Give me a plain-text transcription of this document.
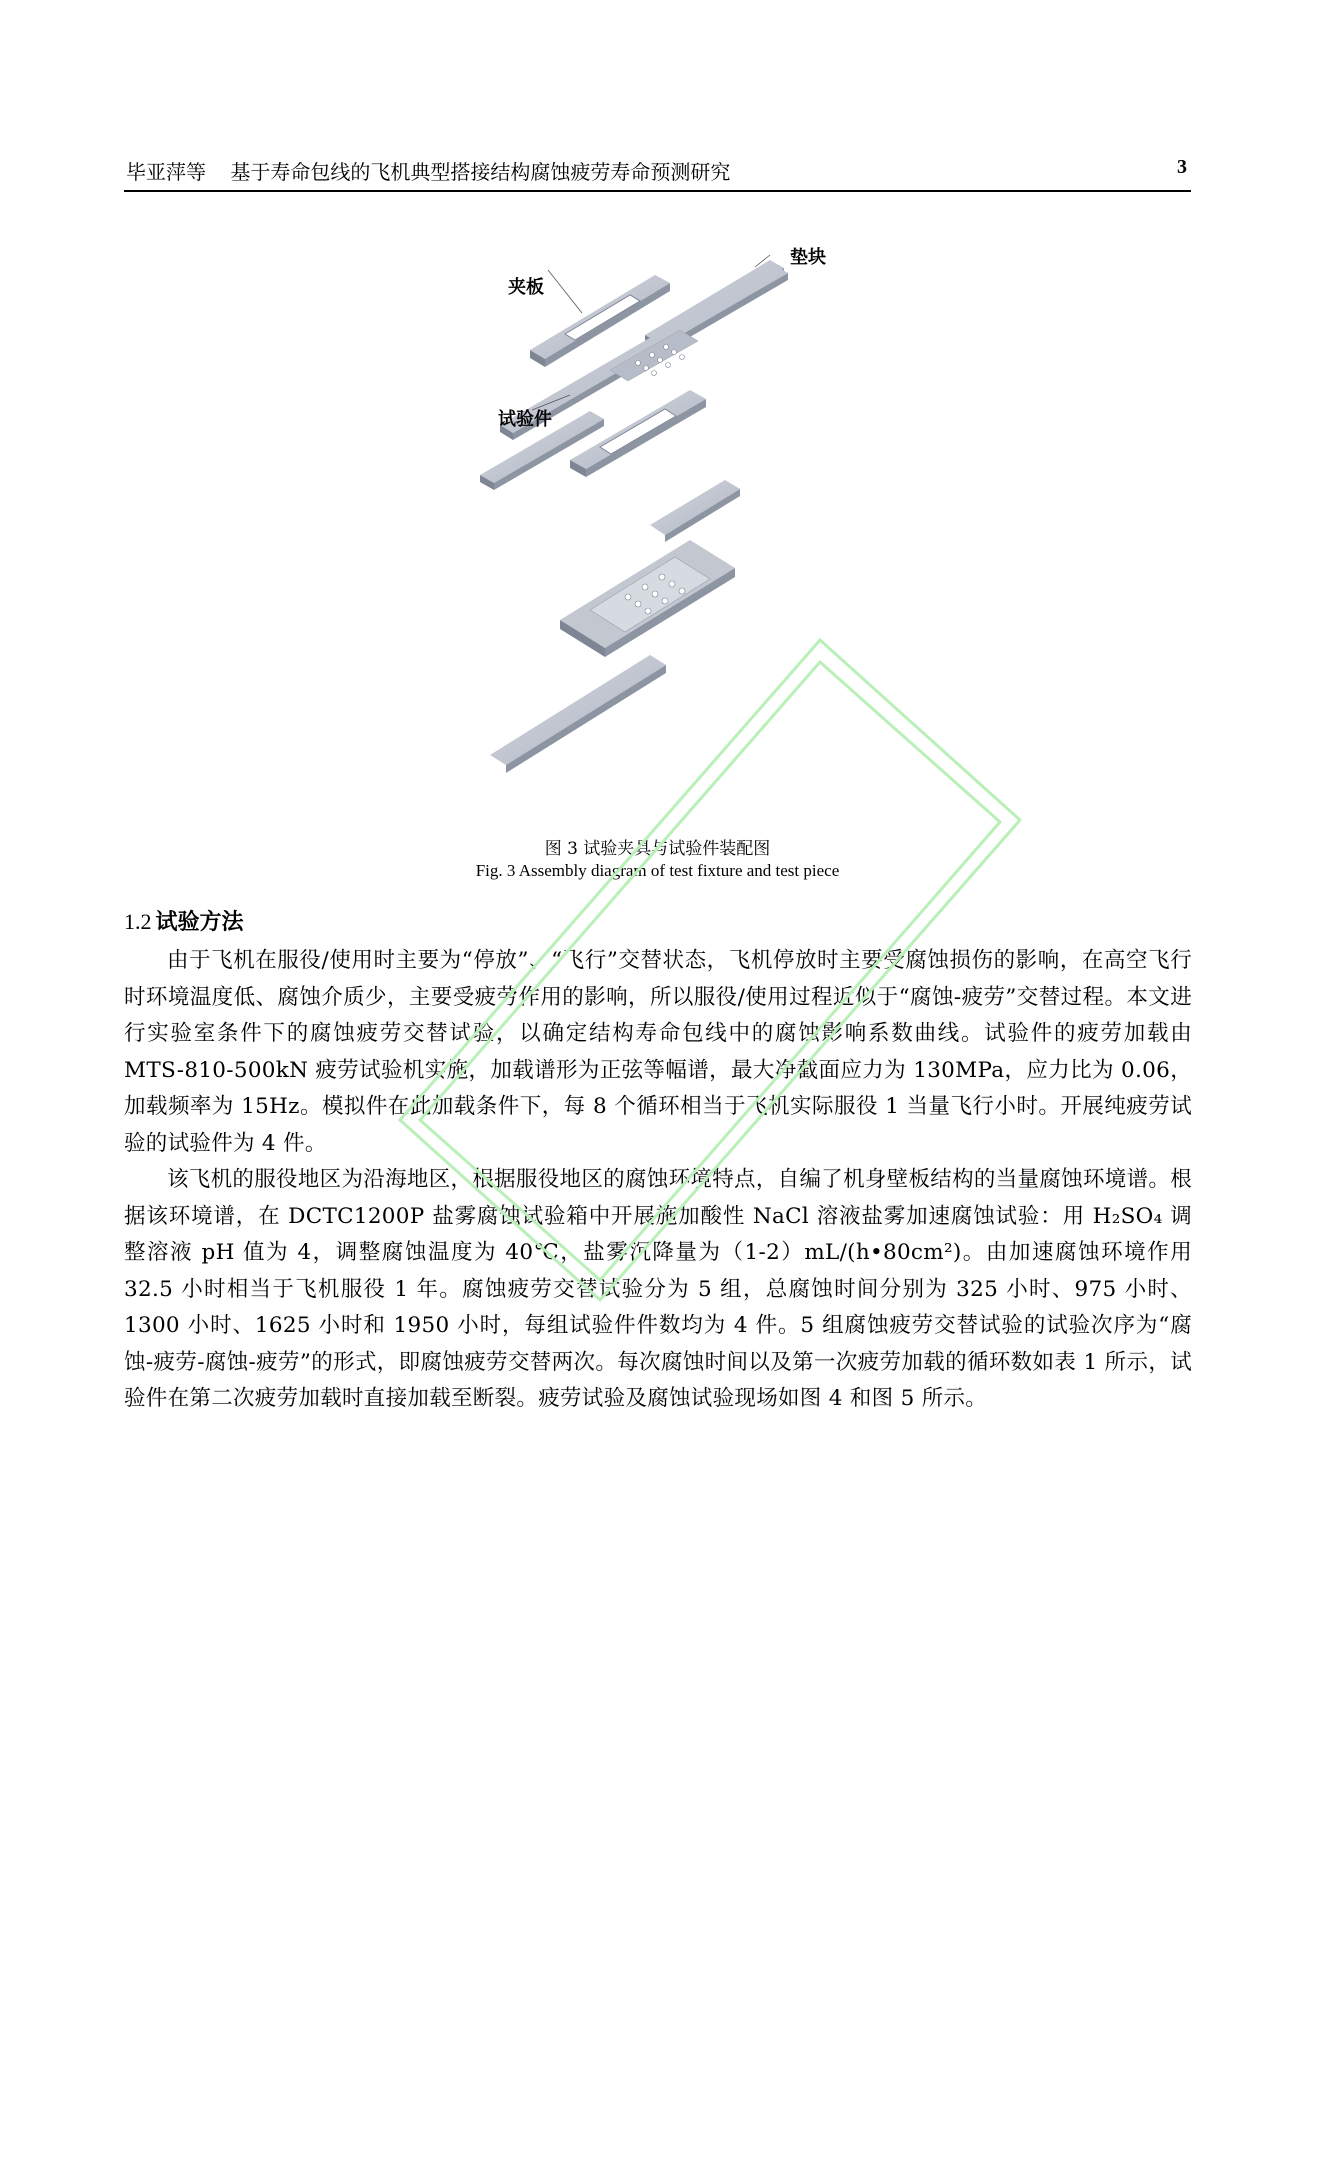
毕亚萍等 基于寿命包线的飞机典型搭接结构腐蚀疲劳寿命预测研究	3
夹板
垫块
试验件
图 3 试验夹具与试验件装配图
Fig. 3 Assembly diagram of test fixture and test piece
1.2 试验方法

由于飞机在服役/使用时主要为“停放”、“飞行”交替状态，飞机停放时主要受腐蚀损伤的影响，在高空飞行时环境温度低、腐蚀介质少，主要受疲劳作用的影响，所以服役/使用过程近似于“腐蚀-疲劳”交替过程。本文进行实验室条件下的腐蚀疲劳交替试验，以确定结构寿命包线中的腐蚀影响系数曲线。试验件的疲劳加载由 MTS-810-500kN 疲劳试验机实施，加载谱形为正弦等幅谱，最大净截面应力为 130MPa，应力比为 0.06，加载频率为 15Hz。模拟件在此加载条件下，每 8 个循环相当于飞机实际服役 1 当量飞行小时。开展纯疲劳试验的试验件为 4 件。

该飞机的服役地区为沿海地区，根据服役地区的腐蚀环境特点，自编了机身壁板结构的当量腐蚀环境谱。根据该环境谱，在 DCTC1200P 盐雾腐蚀试验箱中开展施加酸性 NaCl 溶液盐雾加速腐蚀试验：用 H₂SO₄ 调整溶液 pH 值为 4，调整腐蚀温度为 40℃，盐雾沉降量为（1-2）mL/(h•80cm²)。由加速腐蚀环境作用 32.5 小时相当于飞机服役 1 年。腐蚀疲劳交替试验分为 5 组，总腐蚀时间分别为 325 小时、975 小时、1300 小时、1625 小时和 1950 小时，每组试验件件数均为 4 件。5 组腐蚀疲劳交替试验的试验次序为“腐蚀-疲劳-腐蚀-疲劳”的形式，即腐蚀疲劳交替两次。每次腐蚀时间以及第一次疲劳加载的循环数如表 1 所示，试验件在第二次疲劳加载时直接加载至断裂。疲劳试验及腐蚀试验现场如图 4 和图 5 所示。
